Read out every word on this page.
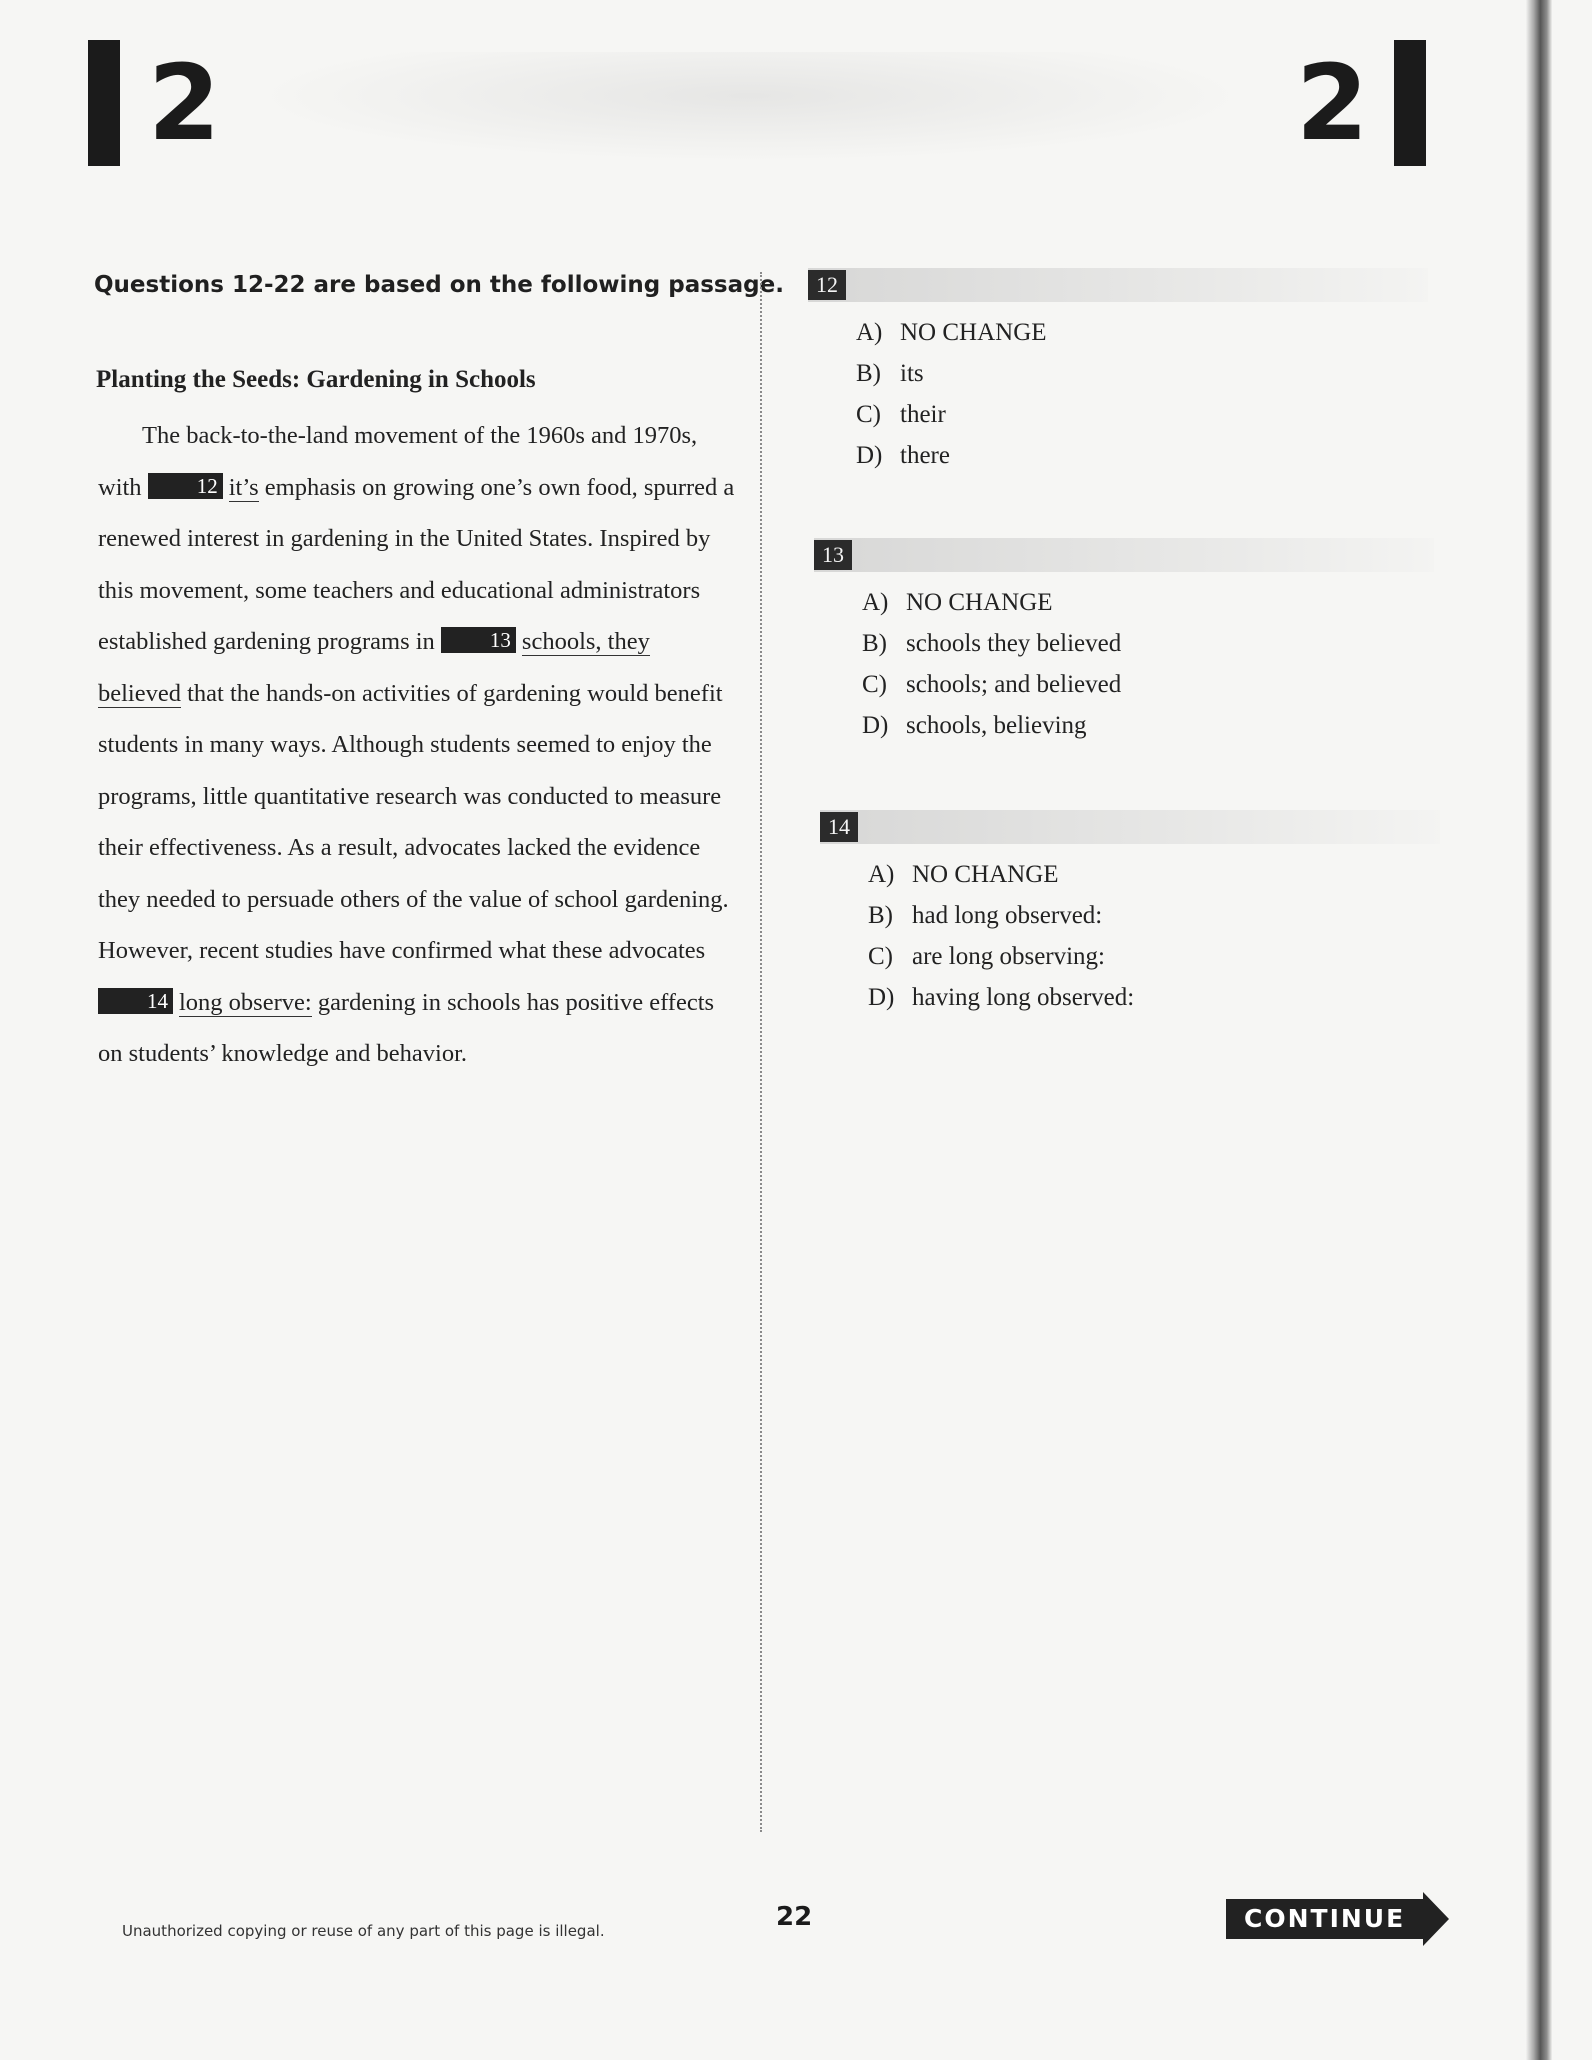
2	2
Questions 12-22 are based on the following passage.
Planting the Seeds: Gardening in Schools

The back-to-the-land movement of the 1960s and 1970s, with 12 it’s emphasis on growing one’s own food, spurred a renewed interest in gardening in the United States. Inspired by this movement, some teachers and educational administrators established gardening programs in 13 schools, they believed that the hands-on activities of gardening would benefit students in many ways. Although students seemed to enjoy the programs, little quantitative research was conducted to measure their effectiveness. As a result, advocates lacked the evidence they needed to persuade others of the value of school gardening. However, recent studies have confirmed what these advocates 14 long observe: gardening in schools has positive effects on students’ knowledge and behavior.

12
A) NO CHANGE
B) its
C) their
D) there
13
A) NO CHANGE
B) schools they believed
C) schools; and believed
D) schools, believing
14
A) NO CHANGE
B) had long observed:
C) are long observing:
D) having long observed:
Unauthorized copying or reuse of any part of this page is illegal.	22	CONTINUE
